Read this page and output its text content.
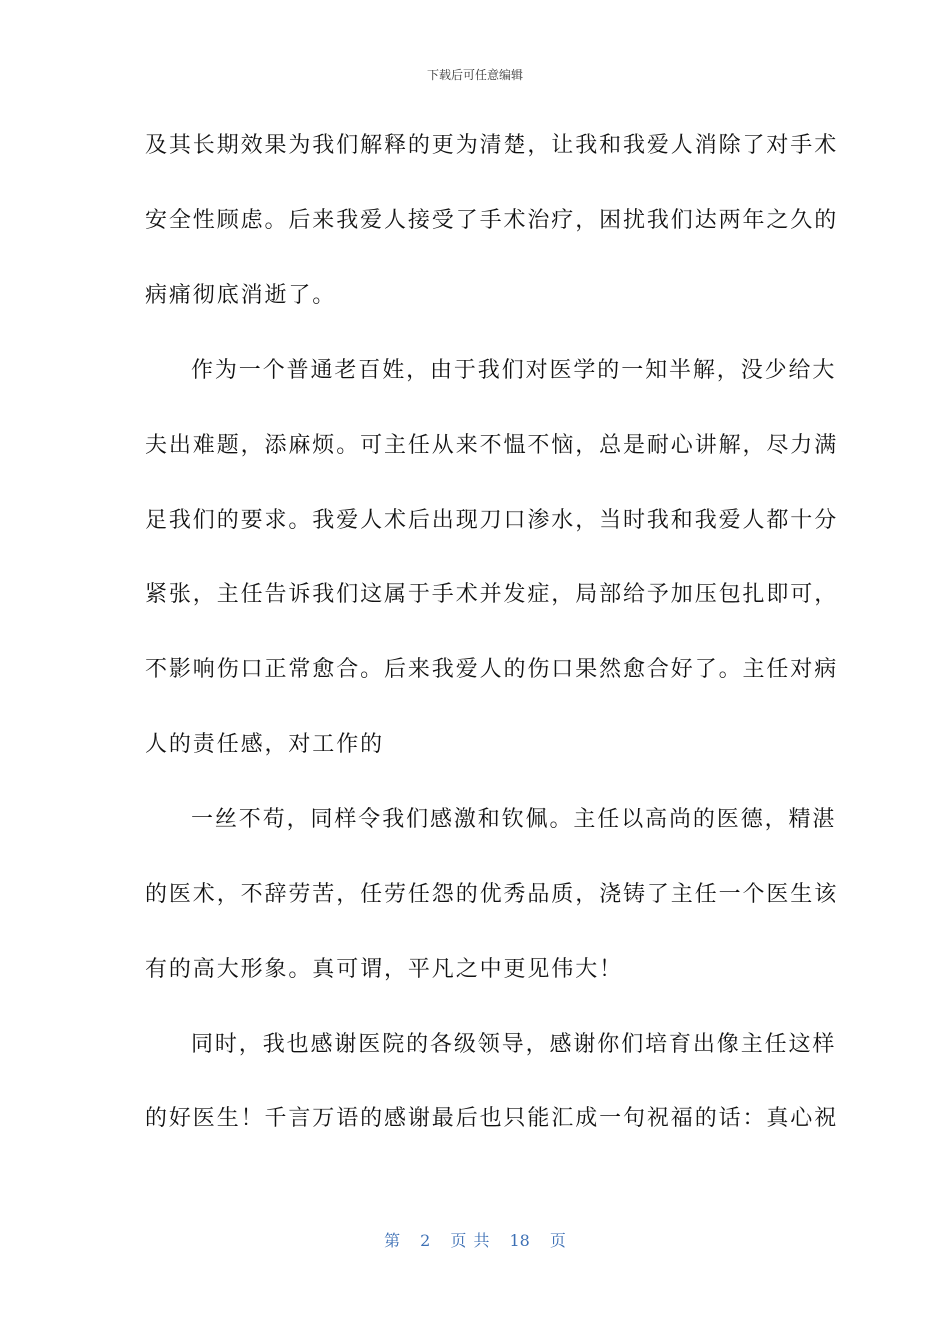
下载后可任意编辑
及其长期效果为我们解释的更为清楚，让我和我爱人消除了对手术
安全性顾虑。后来我爱人接受了手术治疗，困扰我们达两年之久的
病痛彻底消逝了。
作为一个普通老百姓，由于我们对医学的一知半解，没少给大
夫出难题，添麻烦。可主任从来不愠不恼，总是耐心讲解，尽力满
足我们的要求。我爱人术后出现刀口渗水，当时我和我爱人都十分
紧张，主任告诉我们这属于手术并发症，局部给予加压包扎即可，
不影响伤口正常愈合。后来我爱人的伤口果然愈合好了。主任对病
人的责任感，对工作的
一丝不苟，同样令我们感激和钦佩。主任以高尚的医德，精湛
的医术，不辞劳苦，任劳任怨的优秀品质，浇铸了主任一个医生该
有的高大形象。真可谓，平凡之中更见伟大！
同时，我也感谢医院的各级领导，感谢你们培育出像主任这样
的好医生！千言万语的感谢最后也只能汇成一句祝福的话：真心祝
第 2 页 共 18 页
